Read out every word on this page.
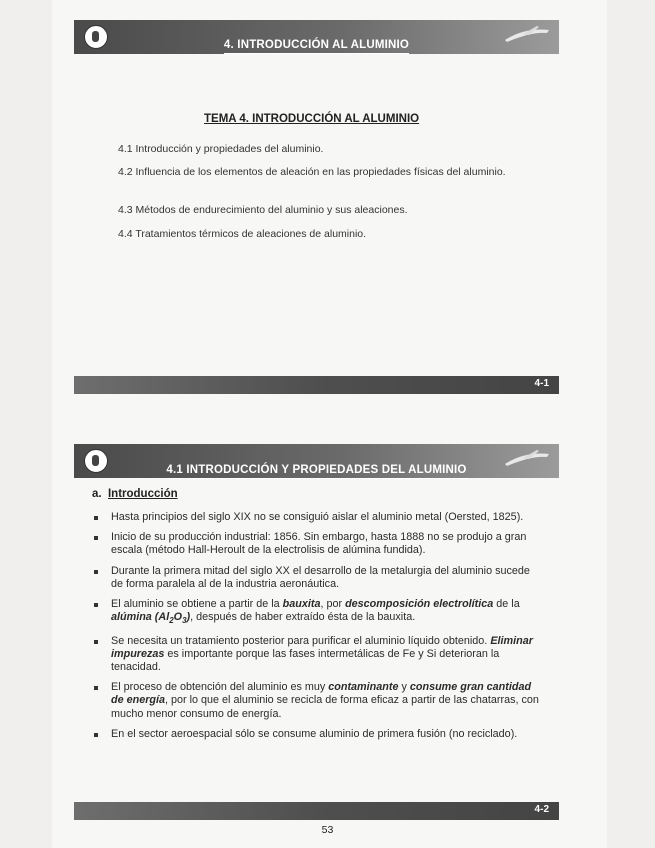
4. INTRODUCCIÓN AL ALUMINIO
4-1
TEMA 4. INTRODUCCIÓN AL ALUMINIO
4.1 Introducción y propiedades del aluminio.
4.2 Influencia de los elementos de aleación en las propiedades físicas del aluminio.
4.3 Métodos de endurecimiento del aluminio y sus aleaciones.
4.4 Tratamientos térmicos de aleaciones de aluminio.
4.1 INTRODUCCIÓN Y PROPIEDADES DEL ALUMINIO
4-2
a. Introducción
Hasta principios del siglo XIX no se consiguió aislar el aluminio metal (Oersted, 1825).
Inicio de su producción industrial: 1856. Sin embargo, hasta 1888 no se produjo a gran escala (método Hall-Heroult de la electrolisis de alúmina fundida).
Durante la primera mitad del siglo XX el desarrollo de la metalurgia del aluminio sucede de forma paralela al de la industria aeronáutica.
El aluminio se obtiene a partir de la bauxita, por descomposición electrolítica de la alúmina $(Al_2O_3)$, después de haber extraído ésta de la bauxita.
Se necesita un tratamiento posterior para purificar el aluminio líquido obtenido. Eliminar impurezas es importante porque las fases intermetálicas de Fe y Si deterioran la tenacidad.
El proceso de obtención del aluminio es muy contaminante y consume gran cantidad de energía, por lo que el aluminio se recicla de forma eficaz a partir de las chatarras, con mucho menor consumo de energía.
En el sector aeroespacial sólo se consume aluminio de primera fusión (no reciclado).
53
